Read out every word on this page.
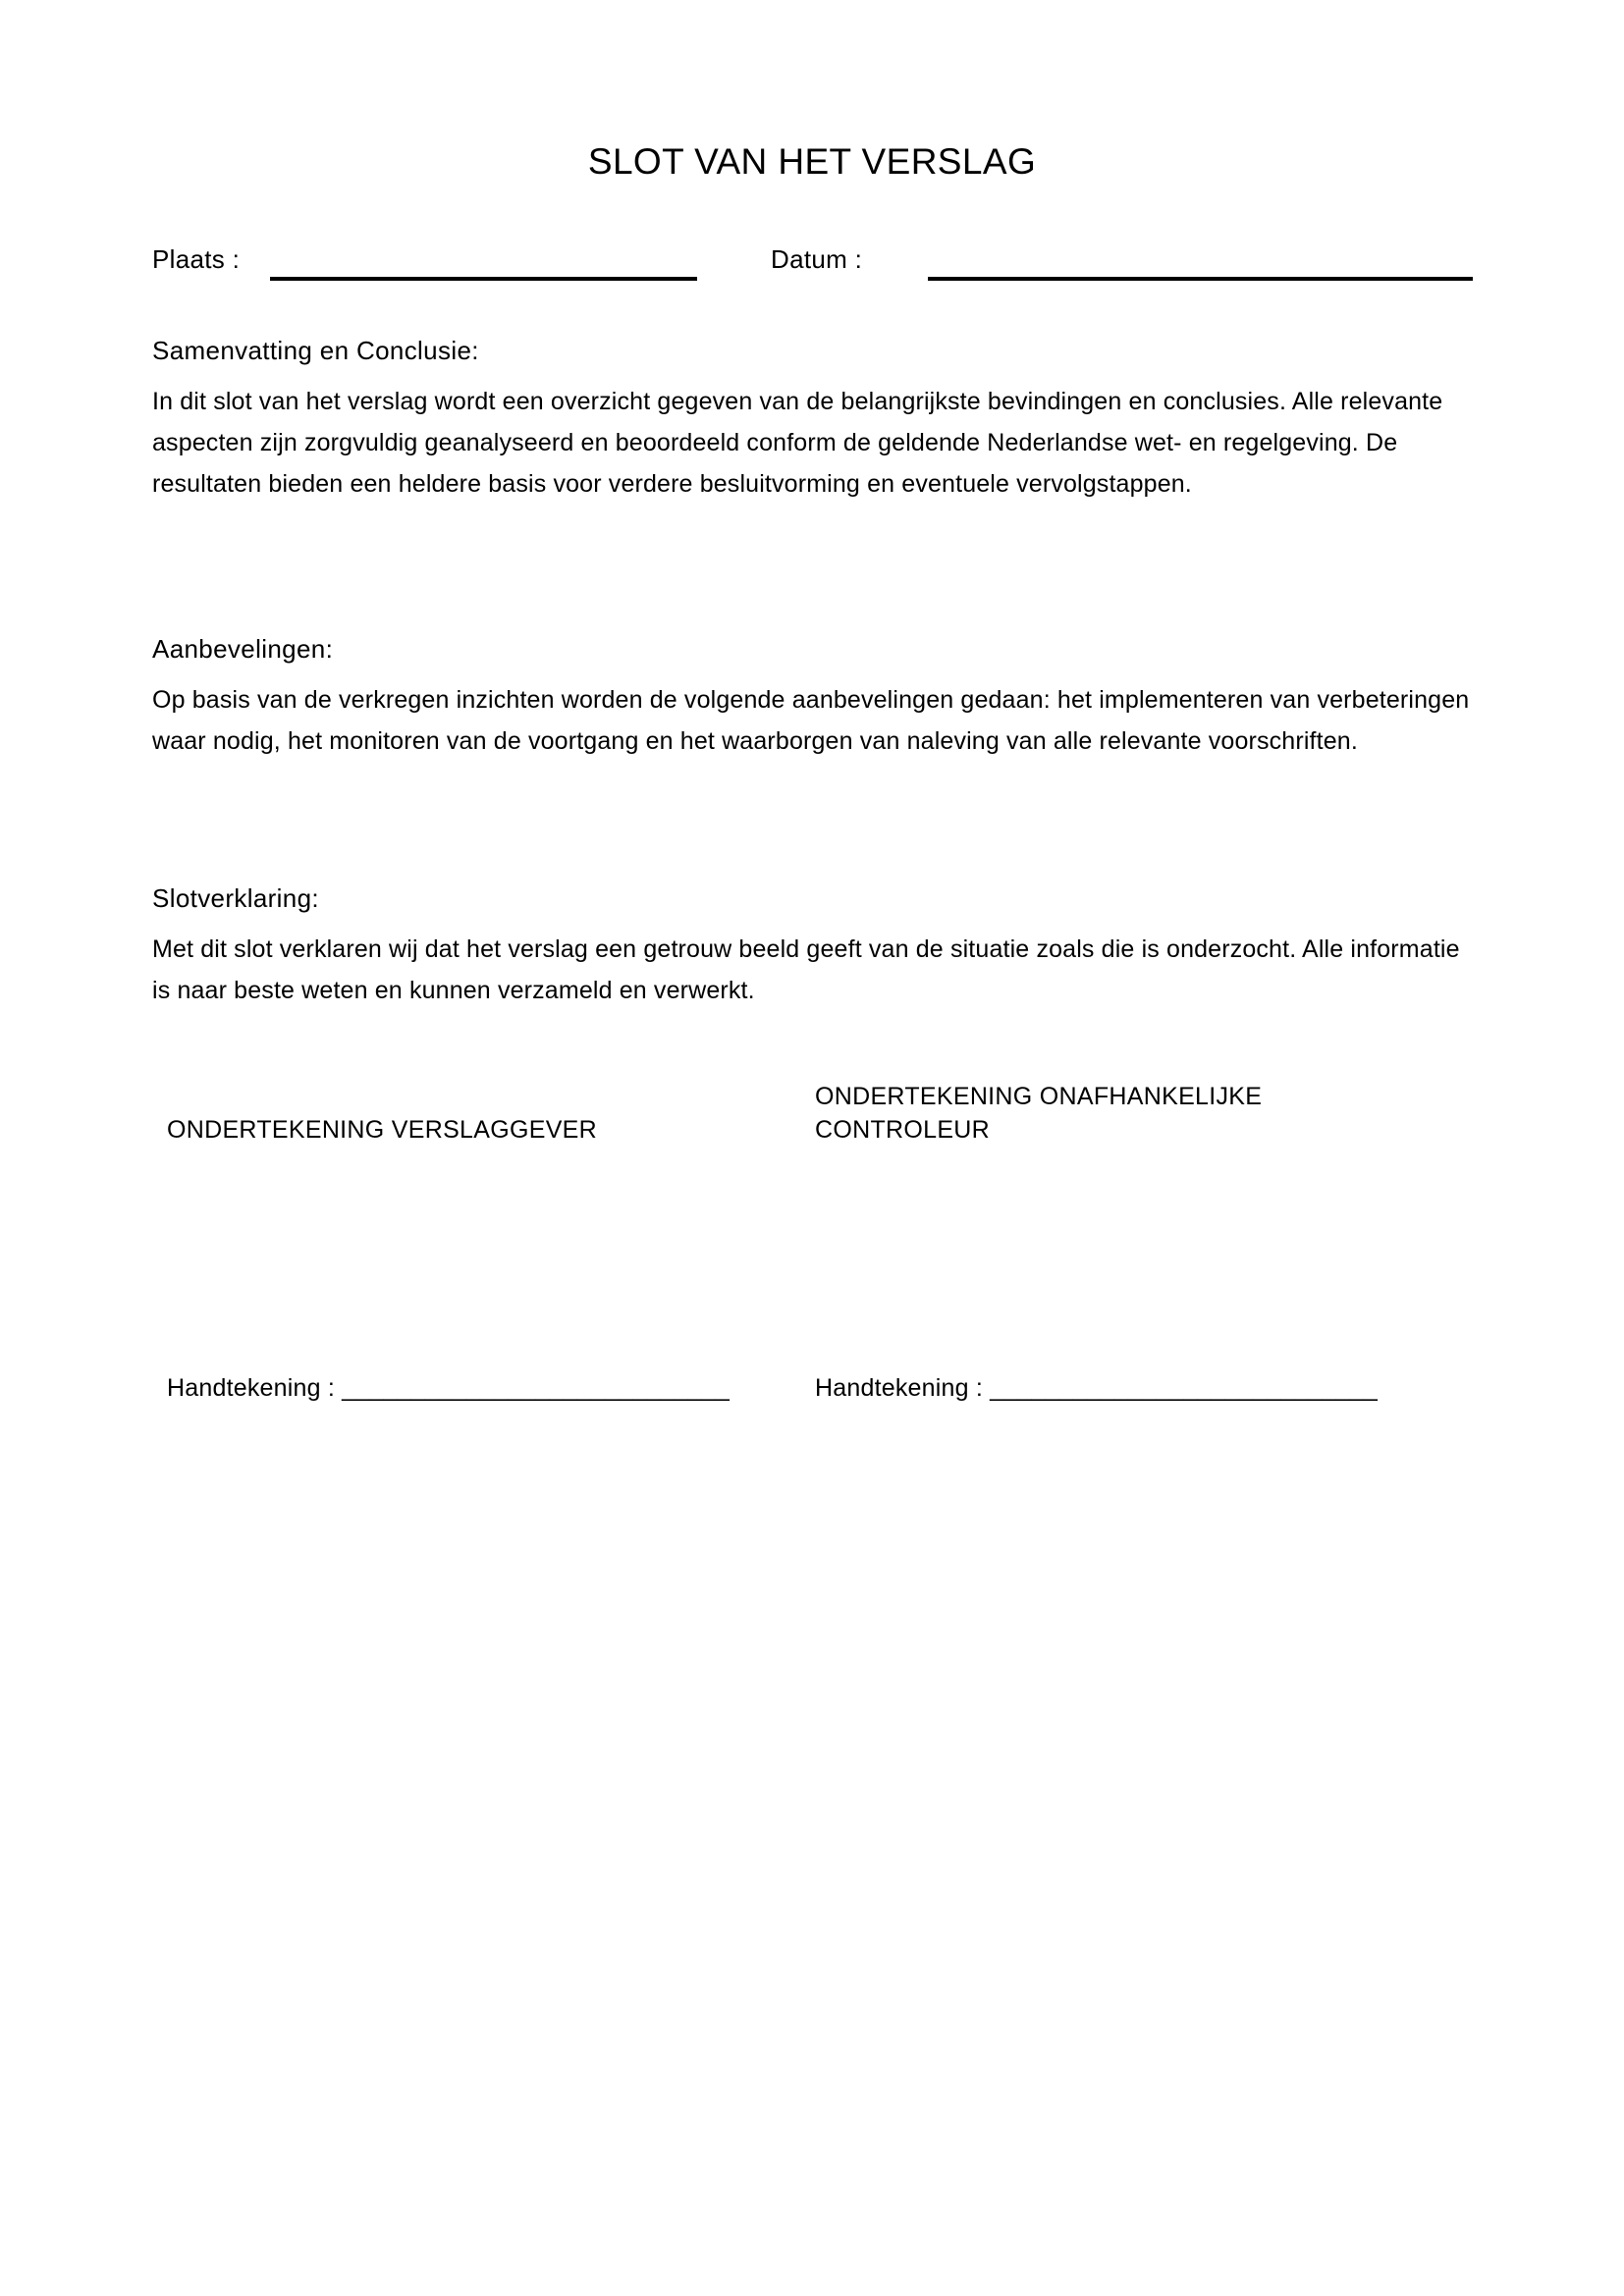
SLOT VAN HET VERSLAG
Plaats :	Datum :
Samenvatting en Conclusie:

In dit slot van het verslag wordt een overzicht gegeven van de belangrijkste bevindingen en conclusies. Alle relevante aspecten zijn zorgvuldig geanalyseerd en beoordeeld conform de geldende Nederlandse wet- en regelgeving. De resultaten bieden een heldere basis voor verdere besluitvorming en eventuele vervolgstappen.

Aanbevelingen:

Op basis van de verkregen inzichten worden de volgende aanbevelingen gedaan: het implementeren van verbeteringen waar nodig, het monitoren van de voortgang en het waarborgen van naleving van alle relevante voorschriften.

Slotverklaring:

Met dit slot verklaren wij dat het verslag een getrouw beeld geeft van de situatie zoals die is onderzocht. Alle informatie is naar beste weten en kunnen verzameld en verwerkt.

ONDERTEKENING VERSLAGGEVER
Handtekening : ____________________________
ONDERTEKENING ONAFHANKELIJKE CONTROLEUR
Handtekening : ____________________________
